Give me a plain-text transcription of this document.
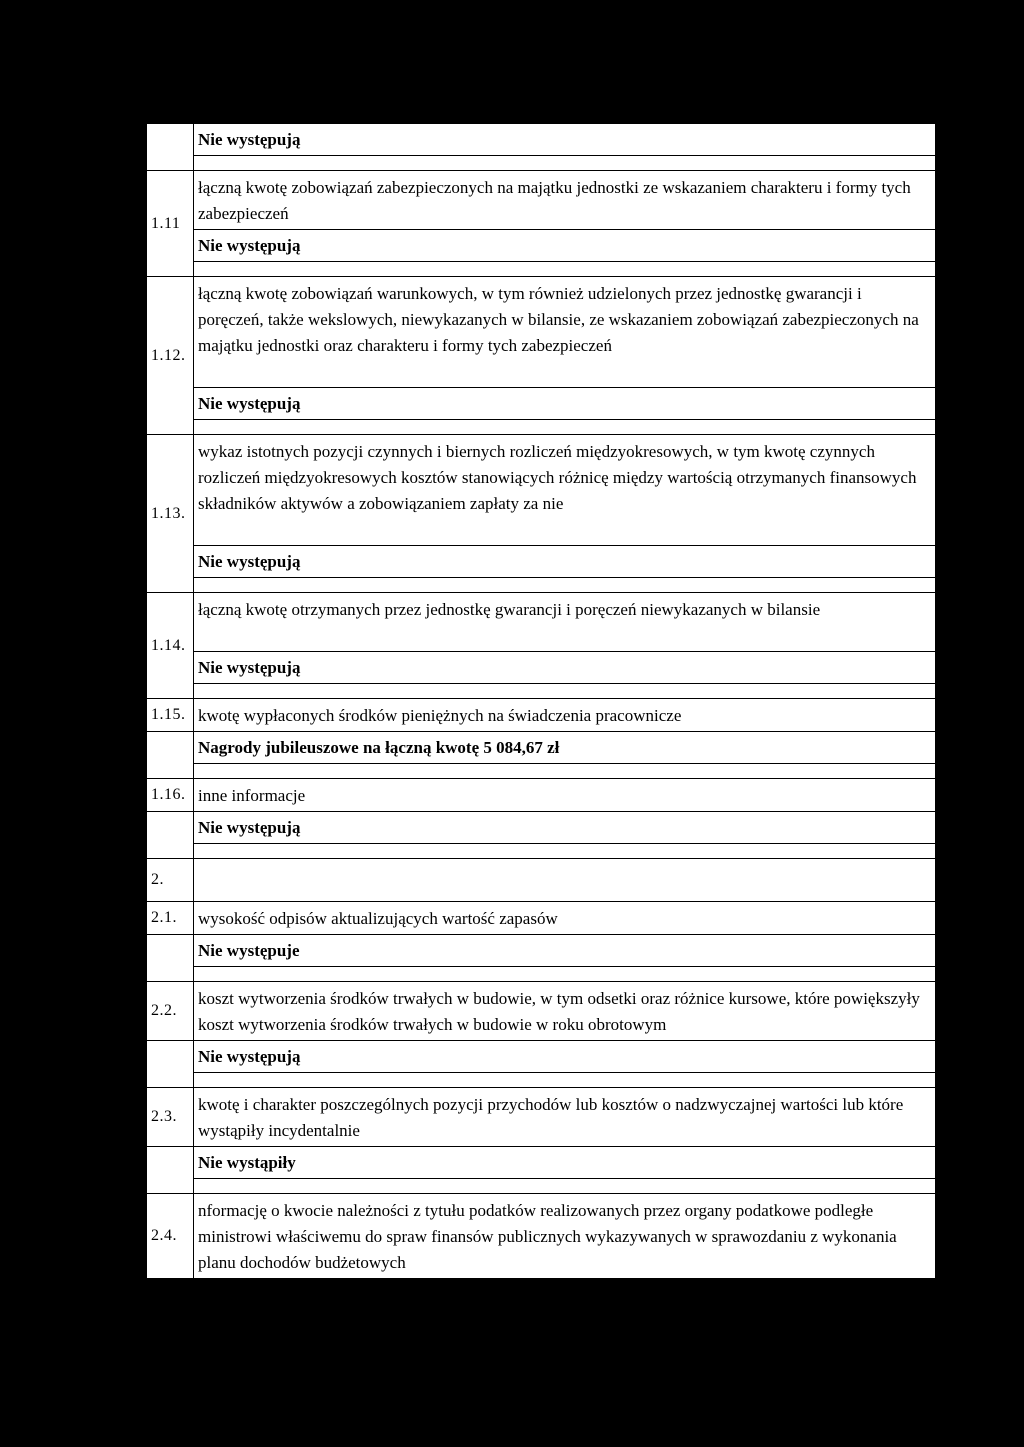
	Nie występują

1.11	łączną kwotę zobowiązań zabezpieczonych na majątku jednostki ze wskazaniem charakteru i formy tych zabezpieczeń
	Nie występują

1.12.	łączną kwotę zobowiązań warunkowych, w tym również udzielonych przez jednostkę gwarancji i poręczeń, także wekslowych, niewykazanych w bilansie, ze wskazaniem zobowiązań zabezpieczonych na majątku jednostki oraz charakteru i formy tych zabezpieczeń
	Nie występują

1.13.	wykaz istotnych pozycji czynnych i biernych rozliczeń międzyokresowych, w tym kwotę czynnych rozliczeń międzyokresowych kosztów stanowiących różnicę między wartością otrzymanych finansowych składników aktywów a zobowiązaniem zapłaty za nie
	Nie występują

1.14.	łączną kwotę otrzymanych przez jednostkę gwarancji i poręczeń niewykazanych w bilansie
	Nie występują

1.15.	kwotę wypłaconych środków pieniężnych na świadczenia pracownicze
	Nagrody jubileuszowe na łączną kwotę 5 084,67 zł

1.16.	inne informacje
	Nie występują

2.	
2.1.	wysokość odpisów aktualizujących wartość zapasów
	Nie występuje

2.2.	koszt wytworzenia środków trwałych w budowie, w tym odsetki oraz różnice kursowe, które powiększyły koszt wytworzenia środków trwałych w budowie w roku obrotowym
	Nie występują

2.3.	kwotę i charakter poszczególnych pozycji przychodów lub kosztów o nadzwyczajnej wartości lub które wystąpiły incydentalnie
	Nie wystąpiły

2.4.	nformację o kwocie należności z tytułu podatków realizowanych przez organy podatkowe podległe ministrowi właściwemu do spraw finansów publicznych wykazywanych w sprawozdaniu z wykonania planu dochodów budżetowych
